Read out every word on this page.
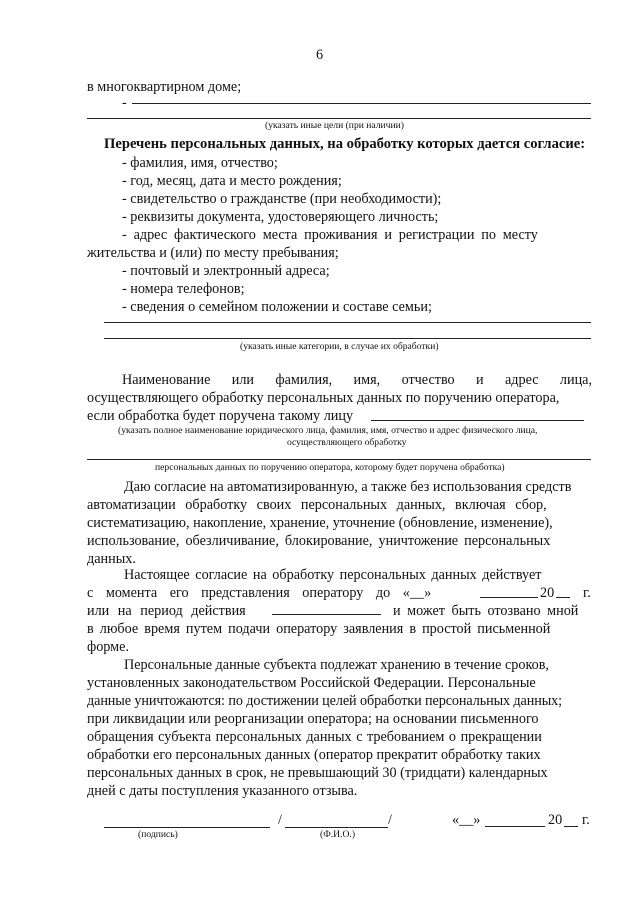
6
в многоквартирном доме;
-
(указать иные цели (при наличии)
Перечень персональных данных, на обработку которых дается согласие:
- фамилия, имя, отчество;
- год, месяц, дата и место рождения;
- свидетельство о гражданстве (при необходимости);
- реквизиты документа, удостоверяющего личность;
- адрес фактического места проживания и регистрации по месту
жительства и (или) по месту пребывания;
- почтовый и электронный адреса;
- номера телефонов;
- сведения о семейном положении и составе семьи;
(указать иные категории, в случае их обработки)
Наименование или фамилия, имя, отчество и адрес лица,
осуществляющего обработку персональных данных по поручению оператора,
если обработка будет поручена такому лицу
(указать полное наименование юридического лица, фамилия, имя, отчество и адрес физического лица,
осуществляющего обработку
персональных данных по поручению оператора, которому будет поручена обработка)
Даю согласие на автоматизированную, а также без использования средств
автоматизации обработку своих персональных данных, включая сбор,
систематизацию, накопление, хранение, уточнение (обновление, изменение),
использование, обезличивание, блокирование, уничтожение персональных
данных.
Настоящее согласие на обработку персональных данных действует
с момента его представления оператору до «__»	20 г.
или на период действия	и может быть отозвано мной
в любое время путем подачи оператору заявления в простой письменной
форме.
Персональные данные субъекта подлежат хранению в течение сроков,
установленных законодательством Российской Федерации. Персональные
данные уничтожаются: по достижении целей обработки персональных данных;
при ликвидации или реорганизации оператора; на основании письменного
обращения субъекта персональных данных с требованием о прекращении
обработки его персональных данных (оператор прекратит обработку таких
персональных данных в срок, не превышающий 30 (тридцати) календарных
дней с даты поступления указанного отзыва.
/	/	«__»	20 г.
(подпись)	(Ф.И.О.)
